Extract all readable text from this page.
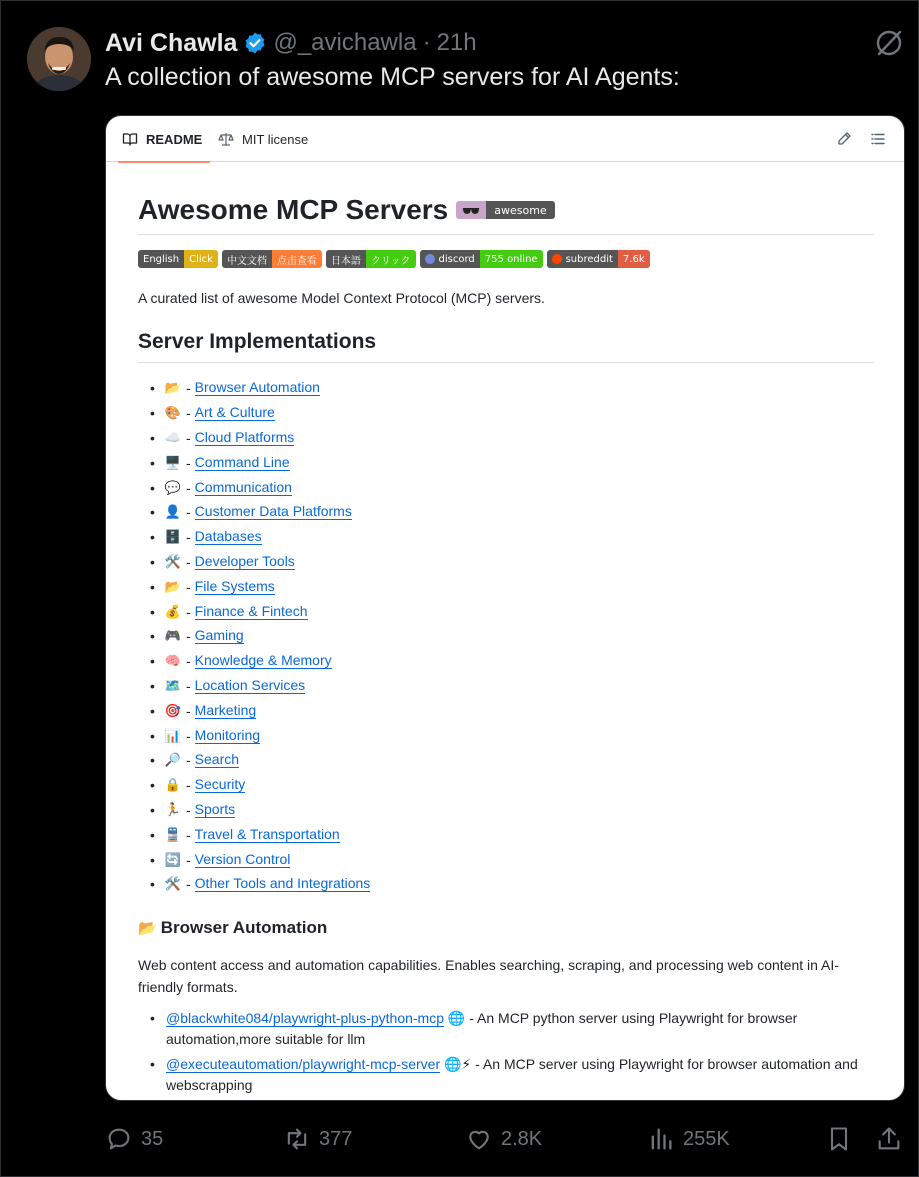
Avi Chawla @_avichawla · 21h
A collection of awesome MCP servers for AI Agents:
README	MIT license
Awesome MCP Servers	awesome
English	Click	中文文档	点击查看	日本語	クリック	discord	755 online	subreddit	7.6k

A curated list of awesome Model Context Protocol (MCP) servers.

Server Implementations
• 📂 - Browser Automation
• 🎨 - Art & Culture
• ☁️ - Cloud Platforms
• 🖥️ - Command Line
• 💬 - Communication
• 👤 - Customer Data Platforms
• 🗄️ - Databases
• 🛠️ - Developer Tools
• 📂 - File Systems
• 💰 - Finance & Fintech
• 🎮 - Gaming
• 🧠 - Knowledge & Memory
• 🗺️ - Location Services
• 🎯 - Marketing
• 📊 - Monitoring
• 🔎 - Search
• 🔒 - Security
• 🏃 - Sports
• 🚆 - Travel & Transportation
• 🔄 - Version Control
• 🛠️ - Other Tools and Integrations
📂 Browser Automation

Web content access and automation capabilities. Enables searching, scraping, and processing web content in AI-friendly formats.

• @blackwhite084/playwright-plus-python-mcp 🌐 - An MCP python server using Playwright for browser automation,more suitable for llm
• @executeautomation/playwright-mcp-server 🌐⚡ - An MCP server using Playwright for browser automation and webscrapping
35	377	2.8K	255K
